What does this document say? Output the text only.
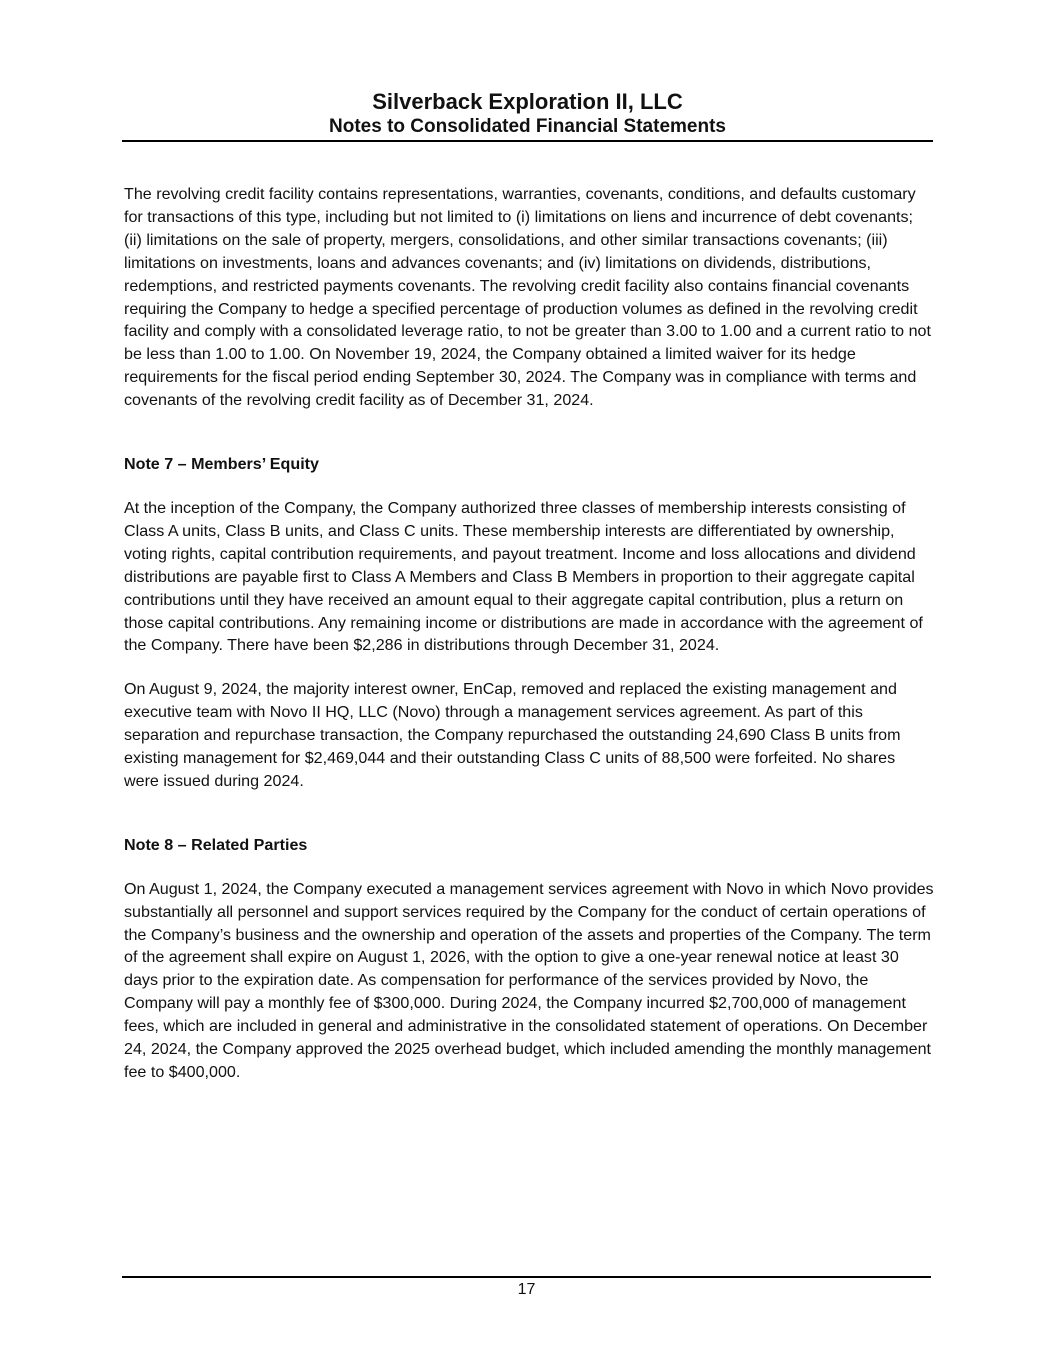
Silverback Exploration II, LLC
Notes to Consolidated Financial Statements

The revolving credit facility contains representations, warranties, covenants, conditions, and defaults customary for transactions of this type, including but not limited to (i) limitations on liens and incurrence of debt covenants; (ii) limitations on the sale of property, mergers, consolidations, and other similar transactions covenants; (iii) limitations on investments, loans and advances covenants; and (iv) limitations on dividends, distributions, redemptions, and restricted payments covenants. The revolving credit facility also contains financial covenants requiring the Company to hedge a specified percentage of production volumes as defined in the revolving credit facility and comply with a consolidated leverage ratio, to not be greater than 3.00 to 1.00 and a current ratio to not be less than 1.00 to 1.00. On November 19, 2024, the Company obtained a limited waiver for its hedge requirements for the fiscal period ending September 30, 2024. The Company was in compliance with terms and covenants of the revolving credit facility as of December 31, 2024.

Note 7 – Members’ Equity

At the inception of the Company, the Company authorized three classes of membership interests consisting of Class A units, Class B units, and Class C units. These membership interests are differentiated by ownership, voting rights, capital contribution requirements, and payout treatment. Income and loss allocations and dividend distributions are payable first to Class A Members and Class B Members in proportion to their aggregate capital contributions until they have received an amount equal to their aggregate capital contribution, plus a return on those capital contributions. Any remaining income or distributions are made in accordance with the agreement of the Company. There have been $2,286 in distributions through December 31, 2024.

On August 9, 2024, the majority interest owner, EnCap, removed and replaced the existing management and executive team with Novo II HQ, LLC (Novo) through a management services agreement. As part of this separation and repurchase transaction, the Company repurchased the outstanding 24,690 Class B units from existing management for $2,469,044 and their outstanding Class C units of 88,500 were forfeited. No shares were issued during 2024.

Note 8 – Related Parties

On August 1, 2024, the Company executed a management services agreement with Novo in which Novo provides substantially all personnel and support services required by the Company for the conduct of certain operations of the Company’s business and the ownership and operation of the assets and properties of the Company. The term of the agreement shall expire on August 1, 2026, with the option to give a one-year renewal notice at least 30 days prior to the expiration date. As compensation for performance of the services provided by Novo, the Company will pay a monthly fee of $300,000. During 2024, the Company incurred $2,700,000 of management fees, which are included in general and administrative in the consolidated statement of operations. On December 24, 2024, the Company approved the 2025 overhead budget, which included amending the monthly management fee to $400,000.

17
